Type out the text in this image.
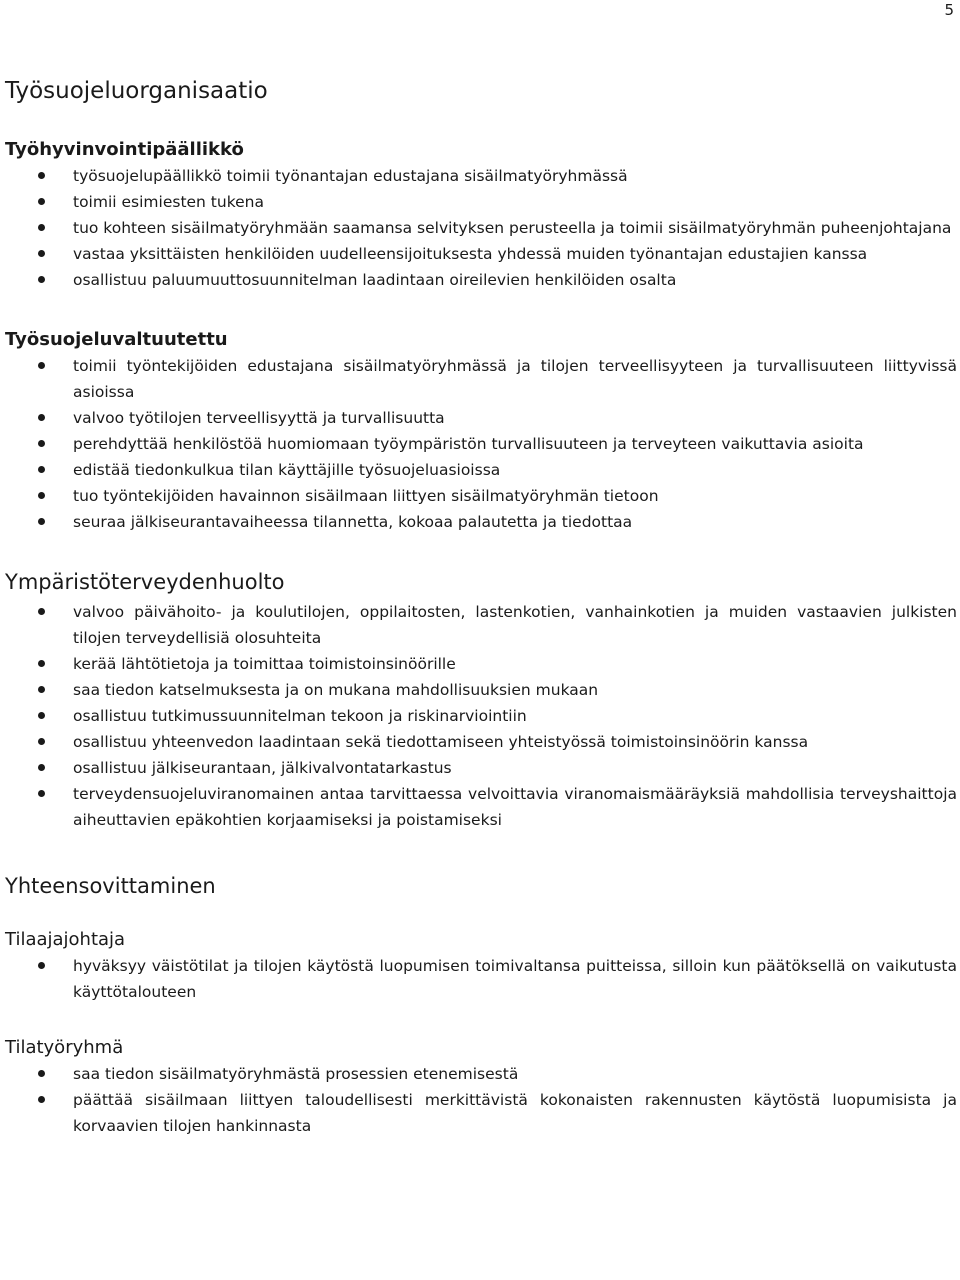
5
Työsuojeluorganisaatio
Työhyvinvointipäällikkö
työsuojelupäällikkö toimii työnantajan edustajana sisäilmatyöryhmässä
toimii esimiesten tukena
tuo kohteen sisäilmatyöryhmään saamansa selvityksen perusteella ja toimii sisäilmatyöryhmän puheenjohtajana
vastaa yksittäisten henkilöiden uudelleensijoituksesta yhdessä muiden työnantajan edustajien kanssa
osallistuu paluumuuttosuunnitelman laadintaan oireilevien henkilöiden osalta
Työsuojeluvaltuutettu
toimii työntekijöiden edustajana sisäilmatyöryhmässä ja tilojen terveellisyyteen ja turvallisuuteen liittyvissä asioissa
valvoo työtilojen terveellisyyttä ja turvallisuutta
perehdyttää henkilöstöä huomiomaan työympäristön turvallisuuteen ja terveyteen vaikuttavia asioita
edistää tiedonkulkua tilan käyttäjille työsuojeluasioissa
tuo työntekijöiden havainnon sisäilmaan liittyen sisäilmatyöryhmän tietoon
seuraa jälkiseurantavaiheessa tilannetta, kokoaa palautetta ja tiedottaa
Ympäristöterveydenhuolto
valvoo päivähoito- ja koulutilojen, oppilaitosten, lastenkotien, vanhainkotien ja muiden vastaavien julkisten tilojen terveydellisiä olosuhteita
kerää lähtötietoja ja toimittaa toimistoinsinöörille
saa tiedon katselmuksesta ja on mukana mahdollisuuksien mukaan
osallistuu tutkimussuunnitelman tekoon ja riskinarviointiin
osallistuu yhteenvedon laadintaan sekä tiedottamiseen yhteistyössä toimistoinsinöörin kanssa
osallistuu jälkiseurantaan, jälkivalvontatarkastus
terveydensuojeluviranomainen antaa tarvittaessa velvoittavia viranomaismääräyksiä mahdollisia terveyshaittoja aiheuttavien epäkohtien korjaamiseksi ja poistamiseksi
Yhteensovittaminen
Tilaajajohtaja
hyväksyy väistötilat ja tilojen käytöstä luopumisen toimivaltansa puitteissa, silloin kun päätöksellä on vaikutusta käyttötalouteen
Tilatyöryhmä
saa tiedon sisäilmatyöryhmästä prosessien etenemisestä
päättää sisäilmaan liittyen taloudellisesti merkittävistä kokonaisten rakennusten käytöstä luopumisista ja korvaavien tilojen hankinnasta
